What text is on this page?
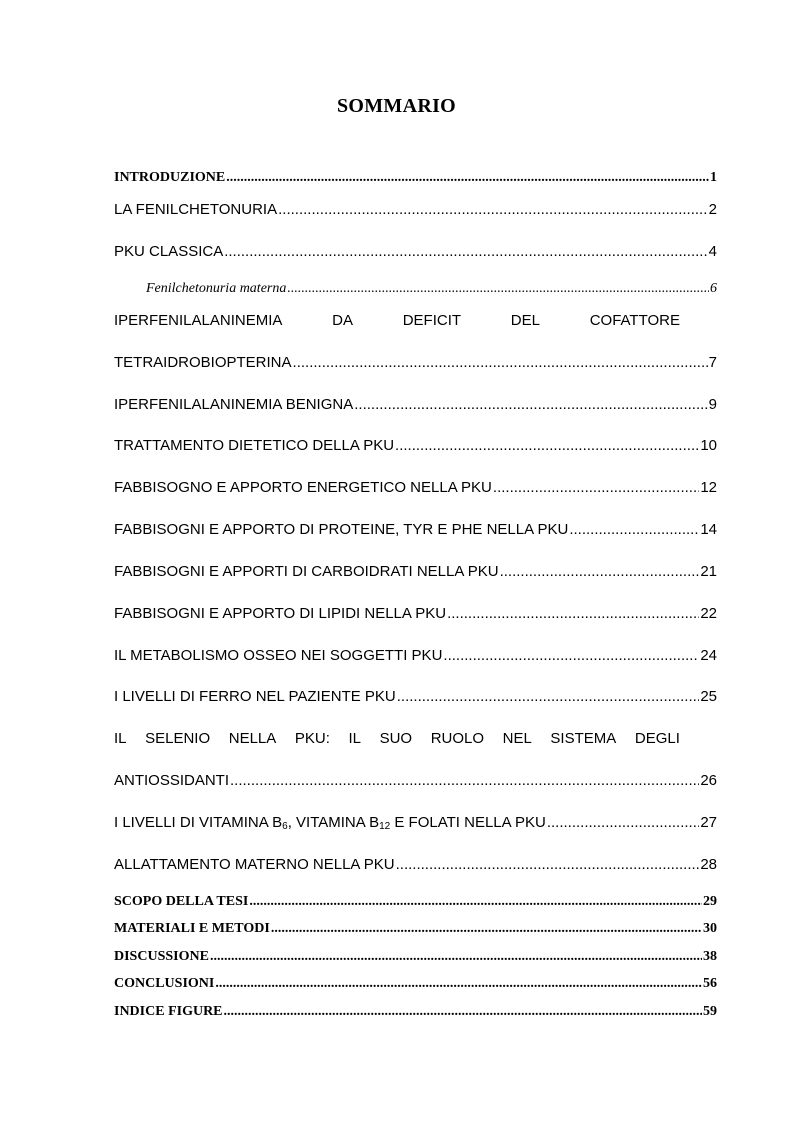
SOMMARIO
INTRODUZIONE .....	1
LA FENILCHETONURIA .....	2
PKU CLASSICA .....	4
Fenilchetonuria materna .....	6
IPERFENILALANINEMIA	DA	DEFICIT	DEL	COFATTORE
TETRAIDROBIOPTERINA .....	7
IPERFENILALANINEMIA BENIGNA .....	9
TRATTAMENTO DIETETICO DELLA PKU .....	10
FABBISOGNO E APPORTO ENERGETICO NELLA PKU .....	12
FABBISOGNI E APPORTO DI PROTEINE, TYR E PHE NELLA PKU .....	14
FABBISOGNI E APPORTI DI CARBOIDRATI NELLA PKU .....	21
FABBISOGNI E APPORTO DI LIPIDI NELLA PKU .....	22
IL METABOLISMO OSSEO NEI SOGGETTI PKU .....	24
I LIVELLI DI FERRO NEL PAZIENTE PKU .....	25
IL SELENIO NELLA PKU: IL SUO RUOLO NEL SISTEMA DEGLI
ANTIOSSIDANTI .....	26
I LIVELLI DI VITAMINA $B_6$, VITAMINA $B_{12}$ E FOLATI NELLA PKU .....	27
ALLATTAMENTO MATERNO NELLA PKU .....	28
SCOPO DELLA TESI .....	29
MATERIALI E METODI .....	30
DISCUSSIONE .....	38
CONCLUSIONI .....	56
INDICE FIGURE .....	59
